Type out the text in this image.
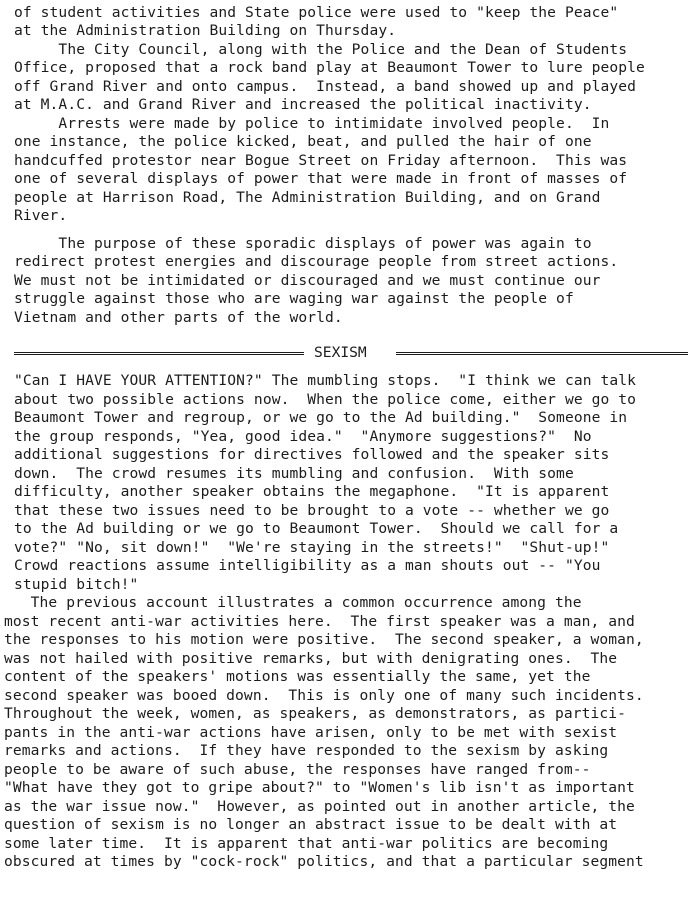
of student activities and State police were used to "keep the Peace"
at the Administration Building on Thursday.
The City Council, along with the Police and the Dean of Students
Office, proposed that a rock band play at Beaumont Tower to lure people
off Grand River and onto campus.  Instead, a band showed up and played
at M.A.C. and Grand River and increased the political inactivity.
Arrests were made by police to intimidate involved people.  In
one instance, the police kicked, beat, and pulled the hair of one
handcuffed protestor near Bogue Street on Friday afternoon.  This was
one of several displays of power that were made in front of masses of
people at Harrison Road, The Administration Building, and on Grand
River.
The purpose of these sporadic displays of power was again to
redirect protest energies and discourage people from street actions.
We must not be intimidated or discouraged and we must continue our
struggle against those who are waging war against the people of
Vietnam and other parts of the world.
SEXISM
"Can I HAVE YOUR ATTENTION?" The mumbling stops.  "I think we can talk
about two possible actions now.  When the police come, either we go to
Beaumont Tower and regroup, or we go to the Ad building."  Someone in
the group responds, "Yea, good idea."  "Anymore suggestions?"  No
additional suggestions for directives followed and the speaker sits
down.  The crowd resumes its mumbling and confusion.  With some
difficulty, another speaker obtains the megaphone.  "It is apparent
that these two issues need to be brought to a vote -- whether we go
to the Ad building or we go to Beaumont Tower.  Should we call for a
vote?" "No, sit down!"  "We're staying in the streets!"  "Shut-up!"
Crowd reactions assume intelligibility as a man shouts out -- "You
stupid bitch!"
The previous account illustrates a common occurrence among the
most recent anti-war activities here.  The first speaker was a man, and
the responses to his motion were positive.  The second speaker, a woman,
was not hailed with positive remarks, but with denigrating ones.  The
content of the speakers' motions was essentially the same, yet the
second speaker was booed down.  This is only one of many such incidents.
Throughout the week, women, as speakers, as demonstrators, as partici-
pants in the anti-war actions have arisen, only to be met with sexist
remarks and actions.  If they have responded to the sexism by asking
people to be aware of such abuse, the responses have ranged from--
"What have they got to gripe about?" to "Women's lib isn't as important
as the war issue now."  However, as pointed out in another article, the
question of sexism is no longer an abstract issue to be dealt with at
some later time.  It is apparent that anti-war politics are becoming
obscured at times by "cock-rock" politics, and that a particular segment
